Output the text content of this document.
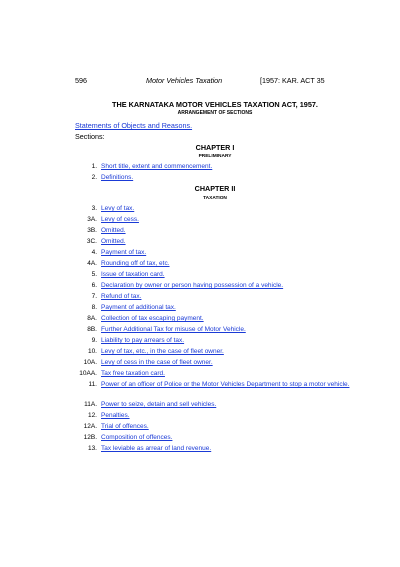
596	Motor Vehicles Taxation	[1957: KAR. ACT 35
THE KARNATAKA MOTOR VEHICLES TAXATION ACT, 1957.
ARRANGEMENT OF SECTIONS
Statements of Objects and Reasons.
Sections:
CHAPTER I
PRELIMINARY
1. Short title, extent and commencement.
2. Definitions.
CHAPTER II
TAXATION
3. Levy of tax.
3A. Levy of cess.
3B. Omitted.
3C. Omitted.
4. Payment of tax.
4A. Rounding off of tax, etc.
5. Issue of taxation card.
6. Declaration by owner or person having possession of a vehicle.
7. Refund of tax.
8. Payment of additional tax.
8A. Collection of tax escaping payment.
8B. Further Additional Tax for misuse of Motor Vehicle.
9. Liability to pay arrears of tax.
10. Levy of tax, etc., in the case of fleet owner.
10A. Levy of cess in the case of fleet owner.
10AA. Tax free taxation card.
11. Power of an officer of Police or the Motor Vehicles Department to stop a motor vehicle.
11A. Power to seize, detain and sell vehicles.
12. Penalties.
12A. Trial of offences.
12B. Composition of offences.
13. Tax leviable as arrear of land revenue.
